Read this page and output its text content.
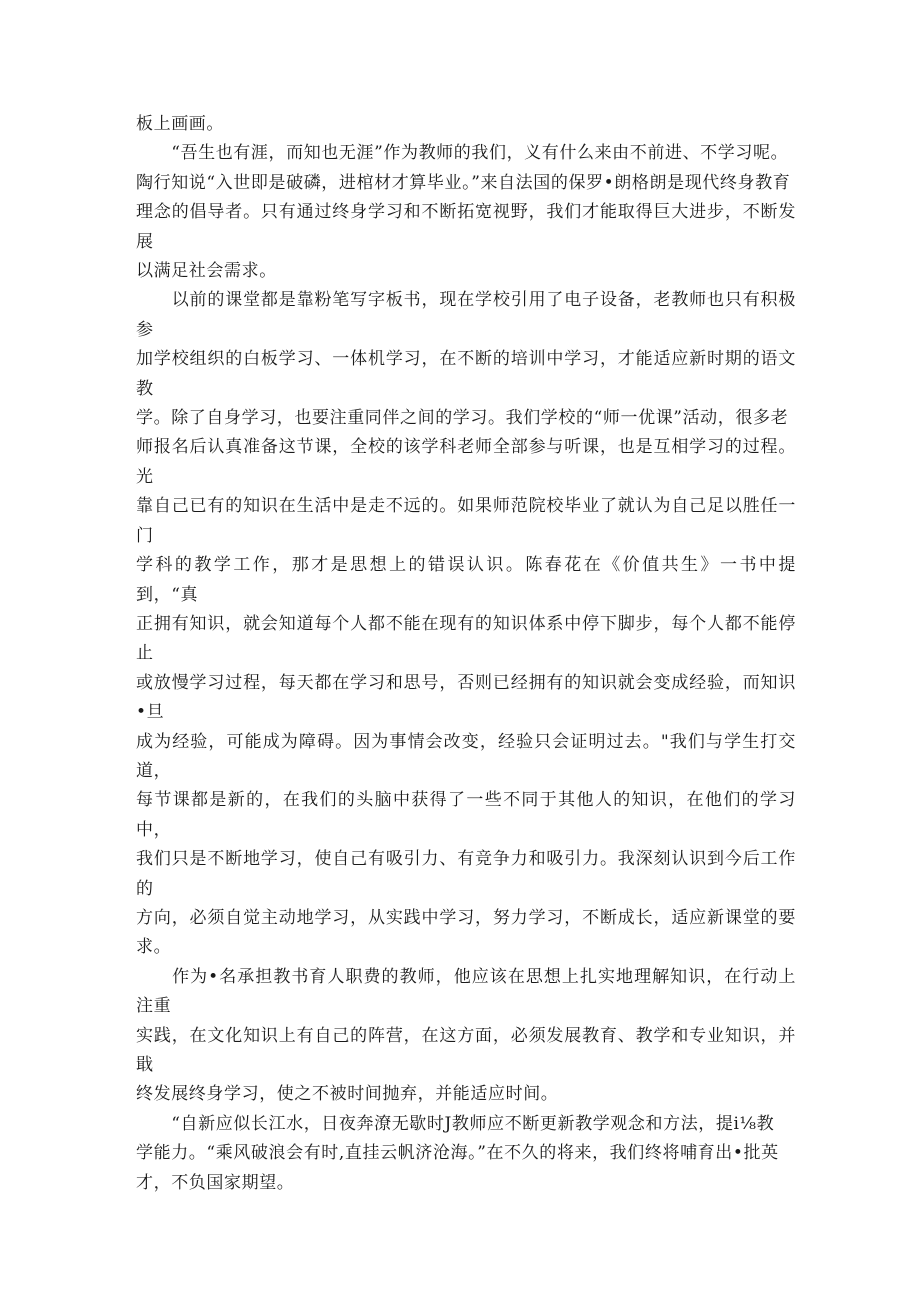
板上画画。

　　“吾生也有涯，而知也无涯”作为教师的我们，义有什么来由不前进、不学习呢。
陶行知说“入世即是破磷，进棺材才算毕业。”来自法国的保罗•朗格朗是现代终身教育
理念的倡导者。只有通过终身学习和不断拓宽视野，我们才能取得巨大进步，不断发展
以满足社会需求。

　　以前的课堂都是靠粉笔写字板书，现在学校引用了电子设备，老教师也只有积极参
加学校组织的白板学习、一体机学习，在不断的培训中学习，才能适应新时期的语文教
学。除了自身学习，也要注重同伴之间的学习。我们学校的“师一优课”活动，很多老
师报名后认真准备这节课，全校的该学科老师全部参与听课，也是互相学习的过程。光
靠自己已有的知识在生活中是走不远的。如果师范院校毕业了就认为自己足以胜任一门
学科的教学工作，那才是思想上的错误认识。陈春花在《价值共生》一书中提到，“真
正拥有知识，就会知道每个人都不能在现有的知识体系中停下脚步，每个人都不能停止
或放慢学习过程，每天都在学习和思号，否则已经拥有的知识就会变成经验，而知识•旦
成为经验，可能成为障碍。因为事情会改变，经验只会证明过去。"我们与学生打交道，
每节课都是新的，在我们的头脑中获得了一些不同于其他人的知识，在他们的学习中，
我们只是不断地学习，使自己有吸引力、有竞争力和吸引力。我深刻认识到今后工作的
方向，必须自觉主动地学习，从实践中学习，努力学习，不断成长，适应新课堂的要求。

　　作为•名承担教书育人职费的教师，他应该在思想上扎实地理解知识，在行动上注重
实践，在文化知识上有自己的阵营，在这方面，必须发展教育、教学和专业知识，并戢
终发展终身学习，使之不被时间抛弃，并能适应时间。

　　“自新应似长江水，日夜奔潦无歇时J教师应不断更新教学观念和方法，提i⅛教
学能力。“乘风破浪会有时,直挂云帆济沧海。”在不久的将来，我们终将哺育出•批英
才，不负国家期望。
